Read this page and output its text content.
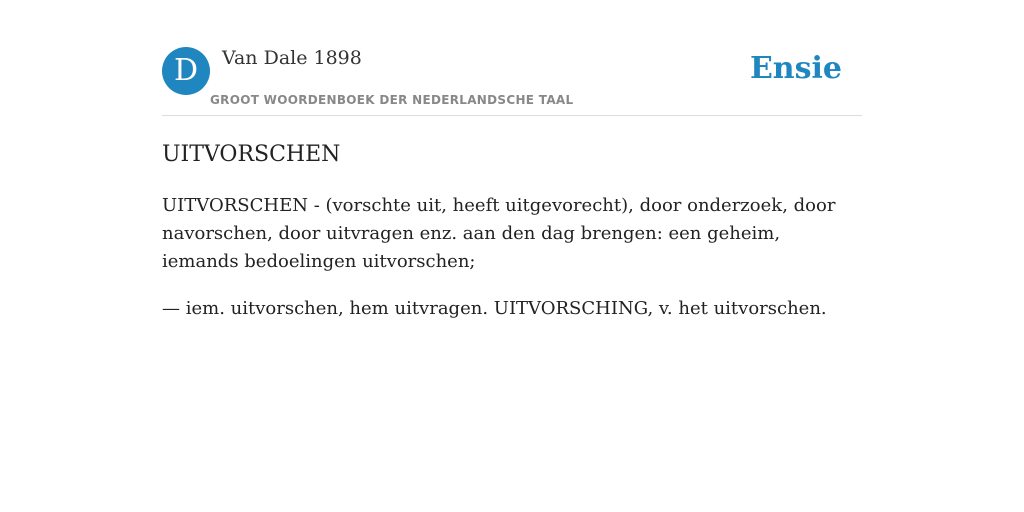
D	Van Dale 1898
GROOT WOORDENBOEK DER NEDERLANDSCHE TAAL
Ensie
UITVORSCHEN

UITVORSCHEN - (vorschte uit, heeft uitgevorecht), door onderzoek, door navorschen, door uitvragen enz. aan den dag brengen: een geheim, iemands bedoelingen uitvorschen;

— iem. uitvorschen, hem uitvragen. UITVORSCHING, v. het uitvorschen.
